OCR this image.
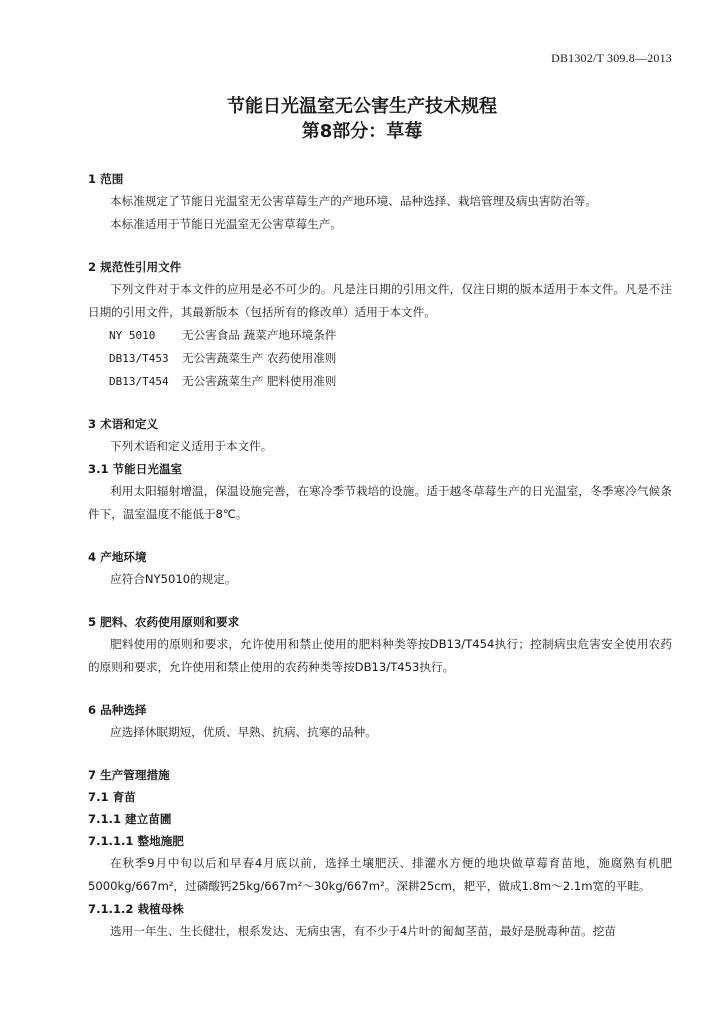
DB1302/T 309.8—2013
节能日光温室无公害生产技术规程
第8部分：草莓
1 范围
本标准规定了节能日光温室无公害草莓生产的产地环境、品种选择、栽培管理及病虫害防治等。
本标准适用于节能日光温室无公害草莓生产。
2 规范性引用文件
下列文件对于本文件的应用是必不可少的。凡是注日期的引用文件，仅注日期的版本适用于本文件。凡是不注日期的引用文件，其最新版本（包括所有的修改单）适用于本文件。
NY 5010 无公害食品 蔬菜产地环境条件
DB13/T453 无公害蔬菜生产 农药使用准则
DB13/T454 无公害蔬菜生产 肥料使用准则
3 术语和定义
下列术语和定义适用于本文件。
3.1 节能日光温室
利用太阳辐射增温，保温设施完善，在寒冷季节栽培的设施。适于越冬草莓生产的日光温室，冬季寒冷气候条件下，温室温度不能低于8℃。
4 产地环境
应符合NY5010的规定。
5 肥料、农药使用原则和要求
肥料使用的原则和要求，允许使用和禁止使用的肥料种类等按DB13/T454执行；控制病虫危害安全使用农药的原则和要求，允许使用和禁止使用的农药种类等按DB13/T453执行。
6 品种选择
应选择休眠期短，优质、早熟、抗病、抗寒的品种。
7 生产管理措施
7.1 育苗
7.1.1 建立苗圃
7.1.1.1 整地施肥
在秋季9月中旬以后和早春4月底以前，选择土壤肥沃、排灌水方便的地块做草莓育苗地，施腐熟有机肥5000kg/667m²，过磷酸钙25kg/667m²～30kg/667m²。深耕25cm，耙平，做成1.8m～2.1m宽的平畦。
7.1.1.2 栽植母株
选用一年生、生长健壮，根系发达、无病虫害，有不少于4片叶的匍匐茎苗，最好是脱毒种苗。挖苗
